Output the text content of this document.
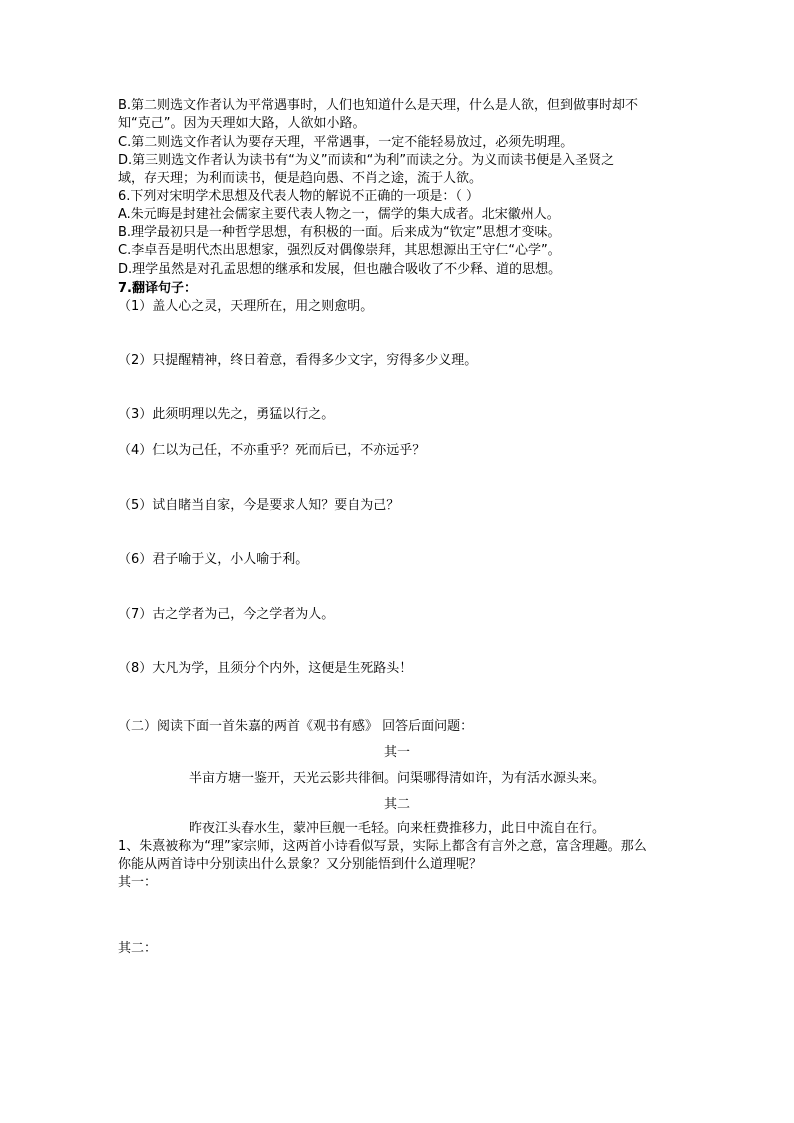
B.第二则选文作者认为平常遇事时，人们也知道什么是天理，什么是人欲，但到做事时却不
知“克己”。因为天理如大路，人欲如小路。
C.第二则选文作者认为要存天理，平常遇事，一定不能轻易放过，必须先明理。
D.第三则选文作者认为读书有“为义”而读和“为利”而读之分。为义而读书便是入圣贤之
域，存天理；为利而读书，便是趋向愚、不肖之途，流于人欲。
6.下列对宋明学术思想及代表人物的解说不正确的一项是：（ ）
A.朱元晦是封建社会儒家主要代表人物之一，儒学的集大成者。北宋徽州人。
B.理学最初只是一种哲学思想，有积极的一面。后来成为“钦定”思想才变味。
C.李卓吾是明代杰出思想家，强烈反对偶像崇拜，其思想源出王守仁“心学”。
D.理学虽然是对孔孟思想的继承和发展，但也融合吸收了不少释、道的思想。
7.翻译句子：
（1）盖人心之灵，天理所在，用之则愈明。
（2）只提醒精神，终日着意，看得多少文字，穷得多少义理。
（3）此须明理以先之，勇猛以行之。
（4）仁以为己任，不亦重乎？死而后已，不亦远乎？
（5）试自睹当自家，今是要求人知？要自为己？
（6）君子喻于义，小人喻于利。
（7）古之学者为己，今之学者为人。
（8）大凡为学，且须分个内外，这便是生死路头！
（二）阅读下面一首朱嘉的两首《观书有感》 回答后面问题：
其一
半亩方塘一鉴开，天光云影共徘徊。问渠哪得清如许，为有活水源头来。
其二
昨夜江头春水生，蒙冲巨舰一毛轻。向来枉费推移力，此日中流自在行。
1、朱熹被称为“理”家宗师，这两首小诗看似写景，实际上都含有言外之意，富含理趣。那么
你能从两首诗中分别读出什么景象？又分别能悟到什么道理呢？
其一：
其二：
